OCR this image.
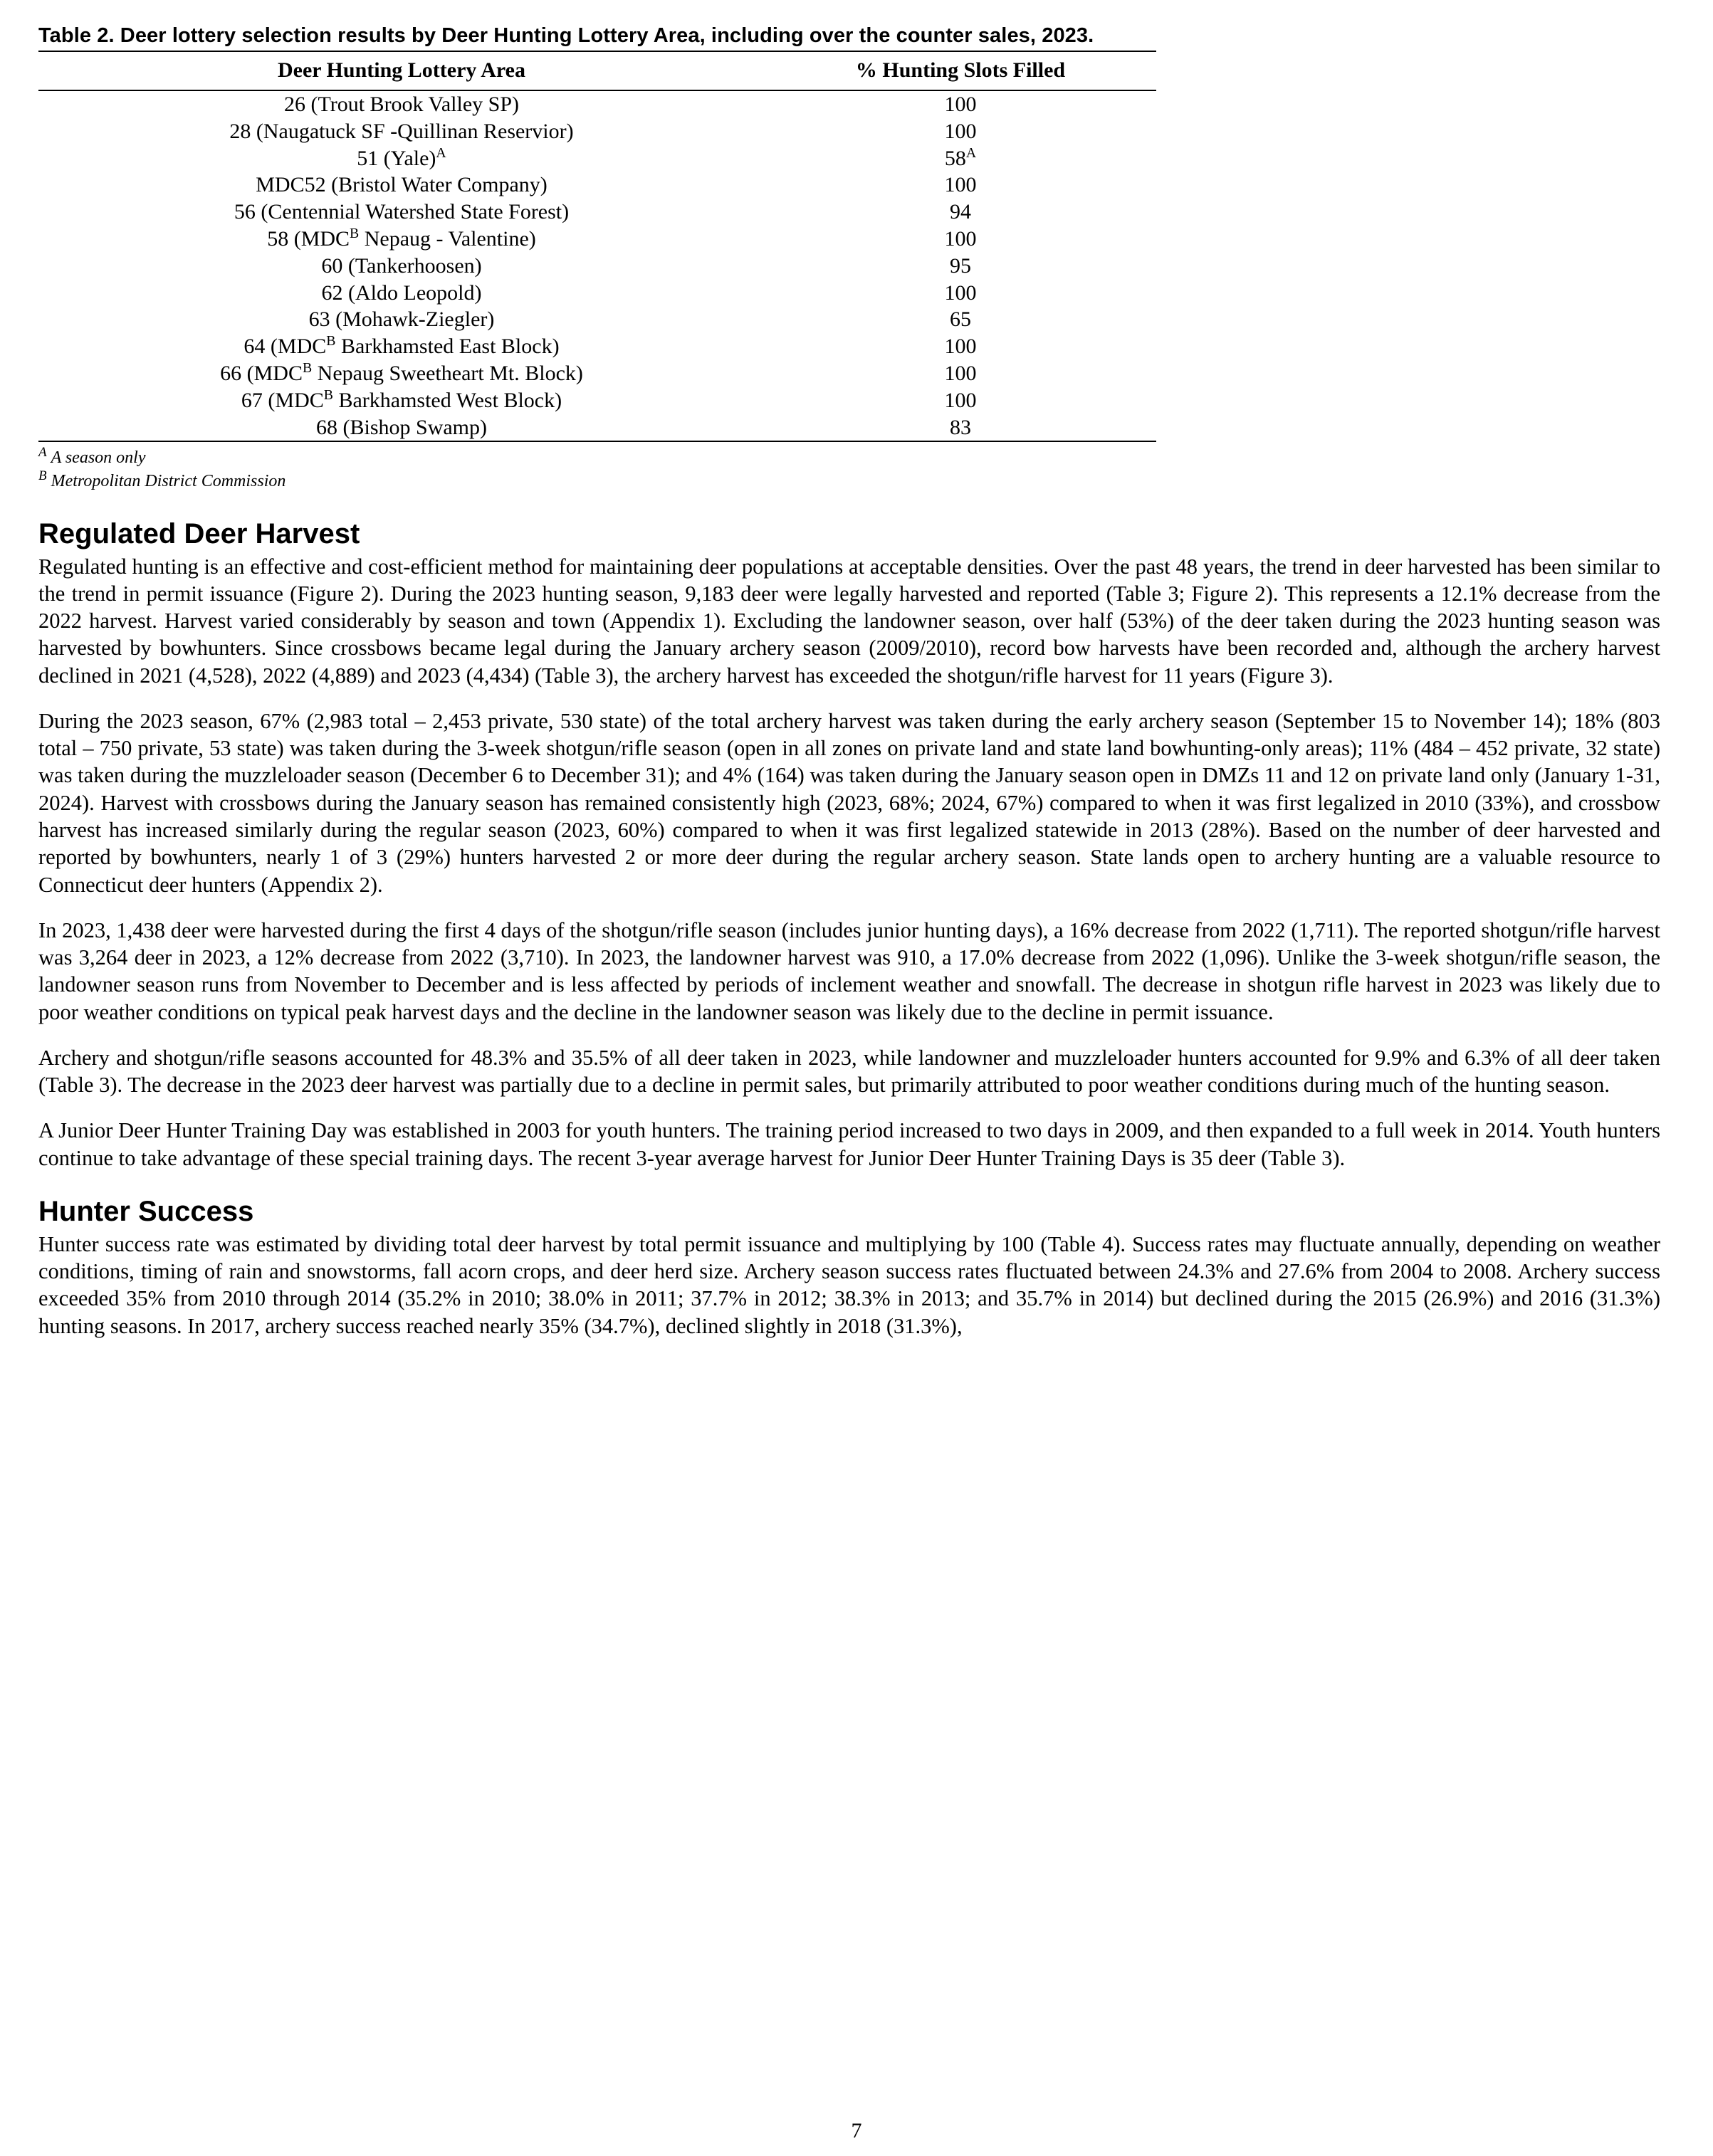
Table 2. Deer lottery selection results by Deer Hunting Lottery Area, including over the counter sales, 2023.
Deer Hunting Lottery Area	% Hunting Slots Filled
26 (Trout Brook Valley SP)	100
28 (Naugatuck SF -Quillinan Reservior)	100
51 (Yale)$^A$	$58^A$
MDC52 (Bristol Water Company)	100
56 (Centennial Watershed State Forest)	94
58 ($MDC^B$ Nepaug - Valentine)	100
60 (Tankerhoosen)	95
62 (Aldo Leopold)	100
63 (Mohawk-Ziegler)	65
64 ($MDC^B$ Barkhamsted East Block)	100
66 ($MDC^B$ Nepaug Sweetheart Mt. Block)	100
67 ($MDC^B$ Barkhamsted West Block)	100
68 (Bishop Swamp)	83
$^A$ A season only
$^B$ Metropolitan District Commission
Regulated Deer Harvest

Regulated hunting is an effective and cost-efficient method for maintaining deer populations at acceptable densities. Over the past 48 years, the trend in deer harvested has been similar to the trend in permit issuance (Figure 2). During the 2023 hunting season, 9,183 deer were legally harvested and reported (Table 3; Figure 2). This represents a 12.1% decrease from the 2022 harvest. Harvest varied considerably by season and town (Appendix 1). Excluding the landowner season, over half (53%) of the deer taken during the 2023 hunting season was harvested by bowhunters. Since crossbows became legal during the January archery season (2009/2010), record bow harvests have been recorded and, although the archery harvest declined in 2021 (4,528), 2022 (4,889) and 2023 (4,434) (Table 3), the archery harvest has exceeded the shotgun/rifle harvest for 11 years (Figure 3).

During the 2023 season, 67% (2,983 total – 2,453 private, 530 state) of the total archery harvest was taken during the early archery season (September 15 to November 14); 18% (803 total – 750 private, 53 state) was taken during the 3-week shotgun/rifle season (open in all zones on private land and state land bowhunting-only areas); 11% (484 – 452 private, 32 state) was taken during the muzzleloader season (December 6 to December 31); and 4% (164) was taken during the January season open in DMZs 11 and 12 on private land only (January 1-31, 2024). Harvest with crossbows during the January season has remained consistently high (2023, 68%; 2024, 67%) compared to when it was first legalized in 2010 (33%), and crossbow harvest has increased similarly during the regular season (2023, 60%) compared to when it was first legalized statewide in 2013 (28%). Based on the number of deer harvested and reported by bowhunters, nearly 1 of 3 (29%) hunters harvested 2 or more deer during the regular archery season. State lands open to archery hunting are a valuable resource to Connecticut deer hunters (Appendix 2).

In 2023, 1,438 deer were harvested during the first 4 days of the shotgun/rifle season (includes junior hunting days), a 16% decrease from 2022 (1,711). The reported shotgun/rifle harvest was 3,264 deer in 2023, a 12% decrease from 2022 (3,710). In 2023, the landowner harvest was 910, a 17.0% decrease from 2022 (1,096). Unlike the 3-week shotgun/rifle season, the landowner season runs from November to December and is less affected by periods of inclement weather and snowfall. The decrease in shotgun rifle harvest in 2023 was likely due to poor weather conditions on typical peak harvest days and the decline in the landowner season was likely due to the decline in permit issuance.

Archery and shotgun/rifle seasons accounted for 48.3% and 35.5% of all deer taken in 2023, while landowner and muzzleloader hunters accounted for 9.9% and 6.3% of all deer taken (Table 3). The decrease in the 2023 deer harvest was partially due to a decline in permit sales, but primarily attributed to poor weather conditions during much of the hunting season.

A Junior Deer Hunter Training Day was established in 2003 for youth hunters. The training period increased to two days in 2009, and then expanded to a full week in 2014. Youth hunters continue to take advantage of these special training days. The recent 3-year average harvest for Junior Deer Hunter Training Days is 35 deer (Table 3).

Hunter Success

Hunter success rate was estimated by dividing total deer harvest by total permit issuance and multiplying by 100 (Table 4). Success rates may fluctuate annually, depending on weather conditions, timing of rain and snowstorms, fall acorn crops, and deer herd size. Archery season success rates fluctuated between 24.3% and 27.6% from 2004 to 2008. Archery success exceeded 35% from 2010 through 2014 (35.2% in 2010; 38.0% in 2011; 37.7% in 2012; 38.3% in 2013; and 35.7% in 2014) but declined during the 2015 (26.9%) and 2016 (31.3%) hunting seasons. In 2017, archery success reached nearly 35% (34.7%), declined slightly in 2018 (31.3%),

7
